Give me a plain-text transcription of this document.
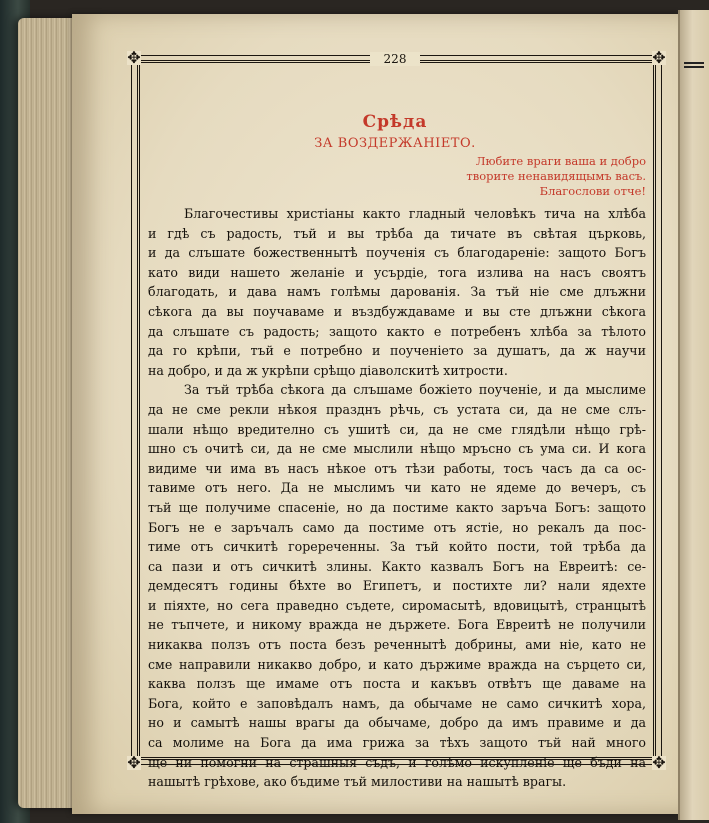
✥	✥
✥	✥
228
Срѣда
ЗА ВОЗДЕРЖАНІЕТО.
Любите враги ваша и добро
творите ненавидящымъ васъ.
Благослови отче!
Благочестивы христіаны както гладный человѣкъ тича на хлѣба
и гдѣ съ радость, тъй и вы трѣба да тичате въ свѣтая църковь,
и да слъшате божественнытѣ поученія съ благодареніе: защото Богъ
като види нашето желаніе и усърдіе, тога излива на насъ своятъ
благодать, и дава намъ голѣмы дарованія. За тъй ніе сме длъжни
сѣкога да вы поучаваме и въздбуждаваме и вы сте длъжни сѣкога
да слъшате съ радость; защото както е потребенъ хлѣба за тѣлото
да го крѣпи, тъй е потребно и поученіето за душатъ, да ж научи
на добро, и да ж укрѣпи срѣщо діаволскитѣ хитрости.
За тъй трѣба сѣкога да слъшаме божіето поученіе, и да мыслиме
да не сме рекли нѣкоя празднъ рѣчь, съ устата си, да не сме слъ-
шали нѣщо вредително съ ушитѣ си, да не сме глядѣли нѣщо грѣ-
шно съ очитѣ си, да не сме мыслили нѣщо мръсно съ ума си. И кога
видиме чи има въ насъ нѣкое отъ тѣзи работы, тосъ часъ да са ос-
тавиме отъ него. Да не мыслимъ чи като не ядеме до вечеръ, съ
тъй ще получиме спасеніе, но да постиме както заръча Богъ: защото
Богъ не е заръчалъ само да постиме отъ ястіе, но рекалъ да пос-
тиме отъ сичкитѣ горереченны. За тъй който пости, той трѣба да
са пази и отъ сичкитѣ злины. Както казвалъ Богъ на Евреитѣ: се-
демдесятъ годины бѣхте во Египетъ, и постихте ли? нали ядехте
и піяхте, но сега праведно съдете, сиромасытѣ, вдовицытѣ, странцытѣ
не тъпчете, и никому вражда не държете. Бога Евреитѣ не получили
никаква ползъ отъ поста безъ реченнытѣ добрины, ами ніе, като не
сме направили никакво добро, и като държиме вражда на сърцето си,
каква ползъ ще имаме отъ поста и какъвъ отвѣтъ ще даваме на
Бога, който е заповѣдалъ намъ, да обычаме не само сичкитѣ хора,
но и самытѣ нашы врагы да обычаме, добро да имъ правиме и да
са молиме на Бога да има грижа за тѣхъ защото тъй най много
ще ни помогни на страшныя съдъ, и голѣмо искупленіе ще бъди на
нашытѣ грѣхове, ако бъдиме тъй милостиви на нашытѣ врагы.
